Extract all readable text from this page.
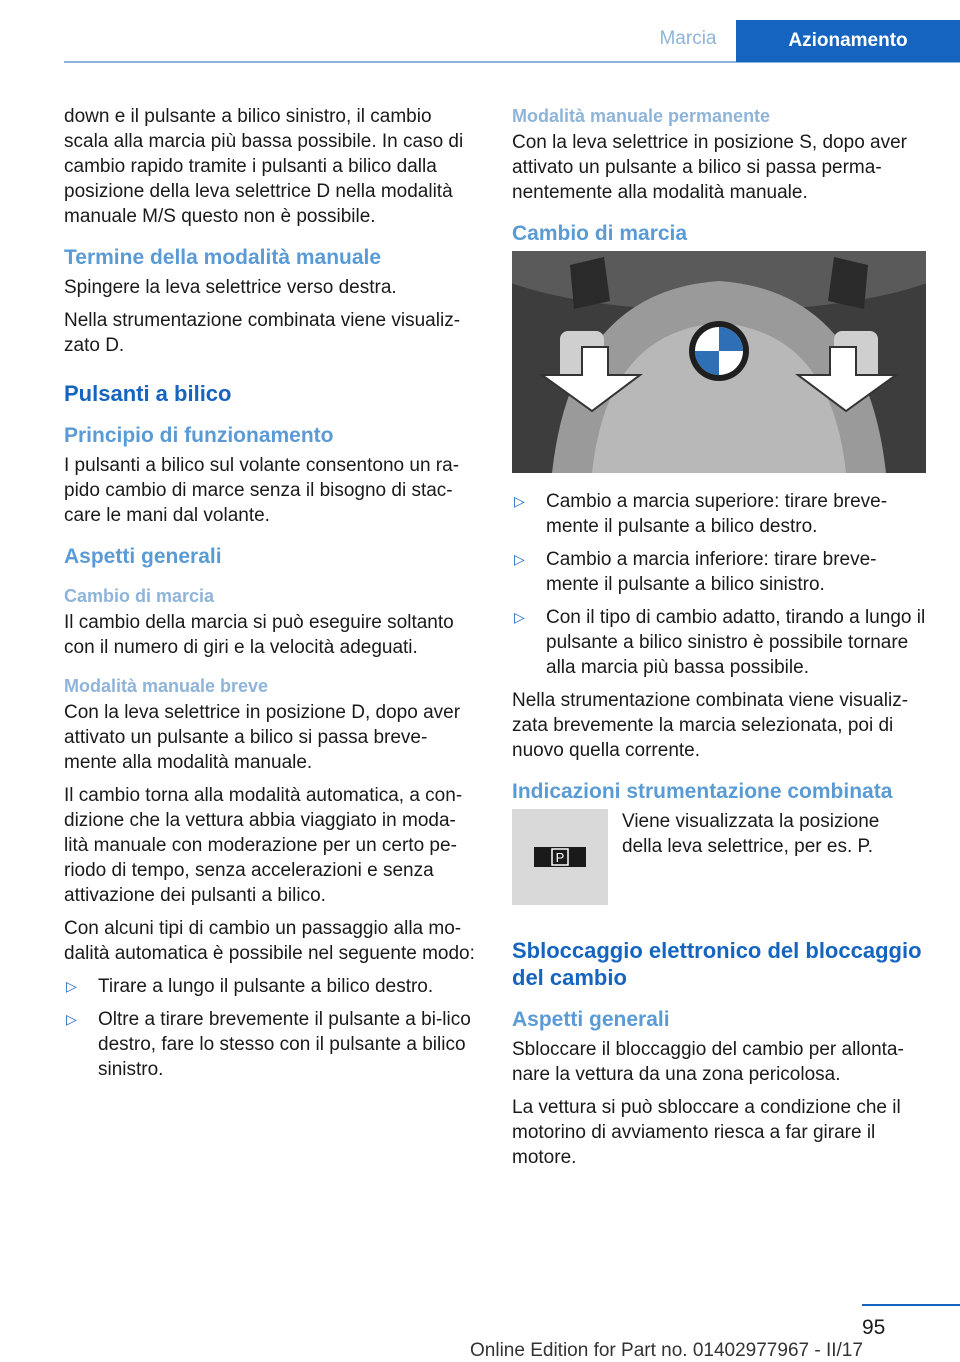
Marcia	Azionamento

down e il pulsante a bilico sinistro, il cambio scala alla marcia più bassa possibile. In caso di cambio rapido tramite i pulsanti a bilico dalla posizione della leva selettrice D nella modalità manuale M/S questo non è possibile.

Termine della modalità manuale

Spingere la leva selettrice verso destra.

Nella strumentazione combinata viene visualiz-zato D.

Pulsanti a bilico
Principio di funzionamento

I pulsanti a bilico sul volante consentono un ra-pido cambio di marce senza il bisogno di stac-care le mani dal volante.

Aspetti generali
Cambio di marcia

Il cambio della marcia si può eseguire soltanto con il numero di giri e la velocità adeguati.

Modalità manuale breve

Con la leva selettrice in posizione D, dopo aver attivato un pulsante a bilico si passa breve-mente alla modalità manuale.

Il cambio torna alla modalità automatica, a con-dizione che la vettura abbia viaggiato in moda-lità manuale con moderazione per un certo pe-riodo di tempo, senza accelerazioni e senza attivazione dei pulsanti a bilico.

Con alcuni tipi di cambio un passaggio alla mo-dalità automatica è possibile nel seguente modo:

▷ Tirare a lungo il pulsante a bilico destro.
▷ Oltre a tirare brevemente il pulsante a bi-lico destro, fare lo stesso con il pulsante a bilico sinistro.
Modalità manuale permanente

Con la leva selettrice in posizione S, dopo aver attivato un pulsante a bilico si passa perma-nentemente alla modalità manuale.

Cambio di marcia
▷ Cambio a marcia superiore: tirare breve-mente il pulsante a bilico destro.
▷ Cambio a marcia inferiore: tirare breve-mente il pulsante a bilico sinistro.
▷ Con il tipo di cambio adatto, tirando a lungo il pulsante a bilico sinistro è possibile tornare alla marcia più bassa possibile.

Nella strumentazione combinata viene visualiz-zata brevemente la marcia selezionata, poi di nuovo quella corrente.

Indicazioni strumentazione combinata
P
Viene visualizzata la posizione della leva selettrice, per es. P.
Sbloccaggio elettronico del bloccaggio del cambio
Aspetti generali

Sbloccare il bloccaggio del cambio per allonta-nare la vettura da una zona pericolosa.

La vettura si può sbloccare a condizione che il motorino di avviamento riesca a far girare il motore.

95
Online Edition for Part no. 01402977967 - II/17
